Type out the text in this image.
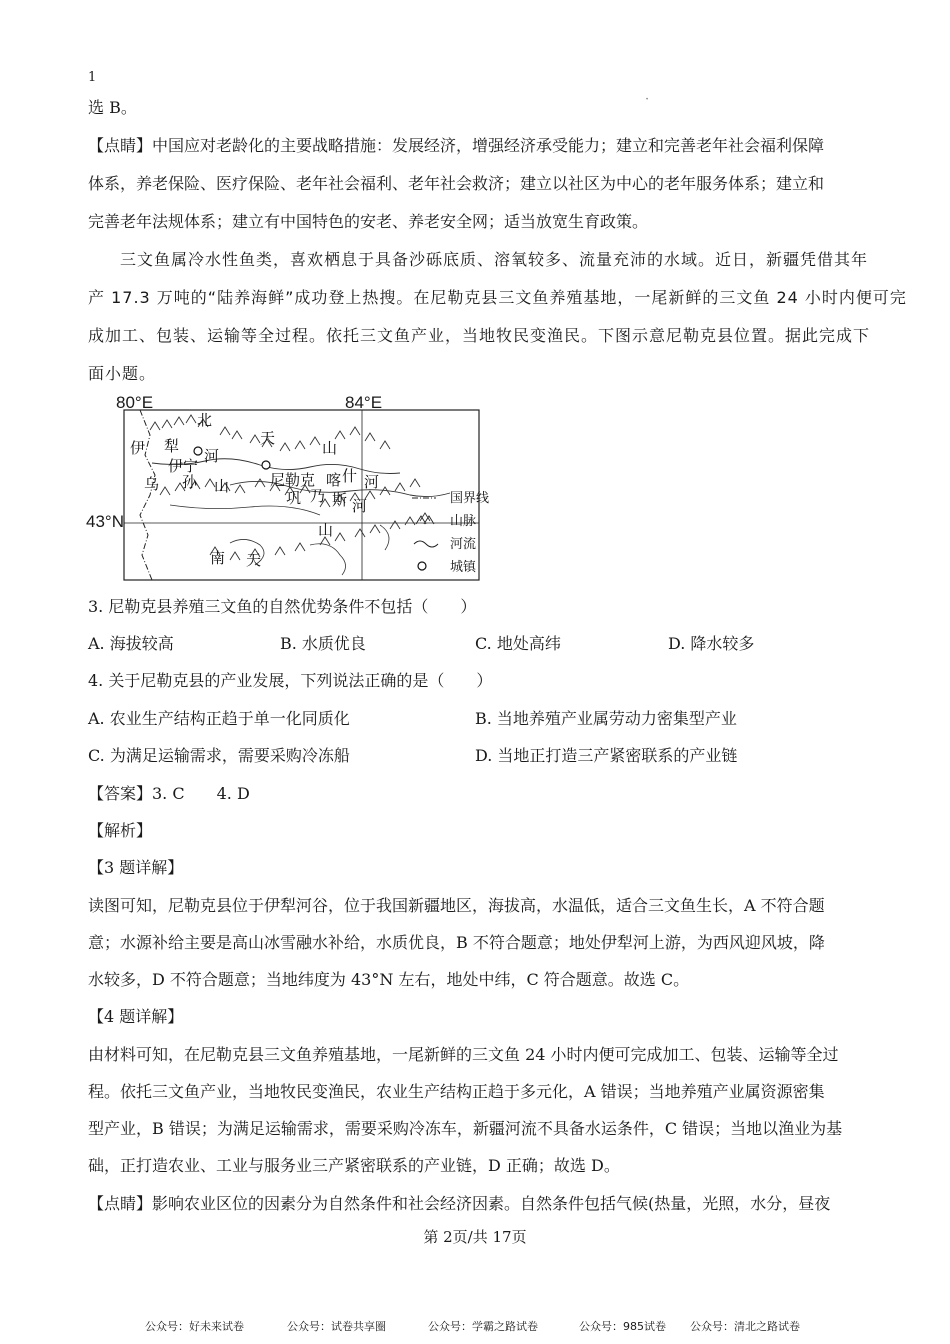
1
·
选 B。
【点睛】中国应对老龄化的主要战略措施：发展经济，增强经济承受能力；建立和完善老年社会福利保障
体系，养老保险、医疗保险、老年社会福利、老年社会救济；建立以社区为中心的老年服务体系；建立和
完善老年法规体系；建立有中国特色的安老、养老安全网；适当放宽生育政策。
三文鱼属冷水性鱼类，喜欢栖息于具备沙砾底质、溶氧较多、流量充沛的水域。近日，新疆凭借其年
产 17.3 万吨的“陆养海鲜”成功登上热搜。在尼勒克县三文鱼养殖基地，一尾新鲜的三文鱼 24 小时内便可完
成加工、包装、运输等全过程。依托三文鱼产业，当地牧民变渔民。下图示意尼勒克县位置。据此完成下
面小题。
80°E	84°E
43°N
北
天
山
伊 犁
河
伊宁
尼勒克 喀 什 河
乌 孙 山
巩 乃 斯 河
山
南 天
国界线
山脉
河流
城镇
3. 尼勒克县养殖三文鱼的自然优势条件不包括（　　）
A. 海拔较高	B. 水质优良	C. 地处高纬	D. 降水较多
4. 关于尼勒克县的产业发展，下列说法正确的是（　　）
A. 农业生产结构正趋于单一化同质化	B. 当地养殖产业属劳动力密集型产业
C. 为满足运输需求，需要采购冷冻船	D. 当地正打造三产紧密联系的产业链
【答案】3. C　　4. D
【解析】
【3 题详解】
读图可知，尼勒克县位于伊犁河谷，位于我国新疆地区，海拔高，水温低，适合三文鱼生长，A 不符合题
意；水源补给主要是高山冰雪融水补给，水质优良，B 不符合题意；地处伊犁河上游，为西风迎风坡，降
水较多，D 不符合题意；当地纬度为 43°N 左右，地处中纬，C 符合题意。故选 C。
【4 题详解】
由材料可知，在尼勒克县三文鱼养殖基地，一尾新鲜的三文鱼 24 小时内便可完成加工、包装、运输等全过
程。依托三文鱼产业，当地牧民变渔民，农业生产结构正趋于多元化，A 错误；当地养殖产业属资源密集
型产业，B 错误；为满足运输需求，需要采购冷冻车，新疆河流不具备水运条件，C 错误；当地以渔业为基
础，正打造农业、工业与服务业三产紧密联系的产业链，D 正确；故选 D。
【点睛】影响农业区位的因素分为自然条件和社会经济因素。自然条件包括气候(热量，光照，水分，昼夜
第 2页/共 17页
公众号：好未来试卷	公众号：试卷共享圈	公众号：学霸之路试卷	公众号：985试卷 公众号：清北之路试卷
